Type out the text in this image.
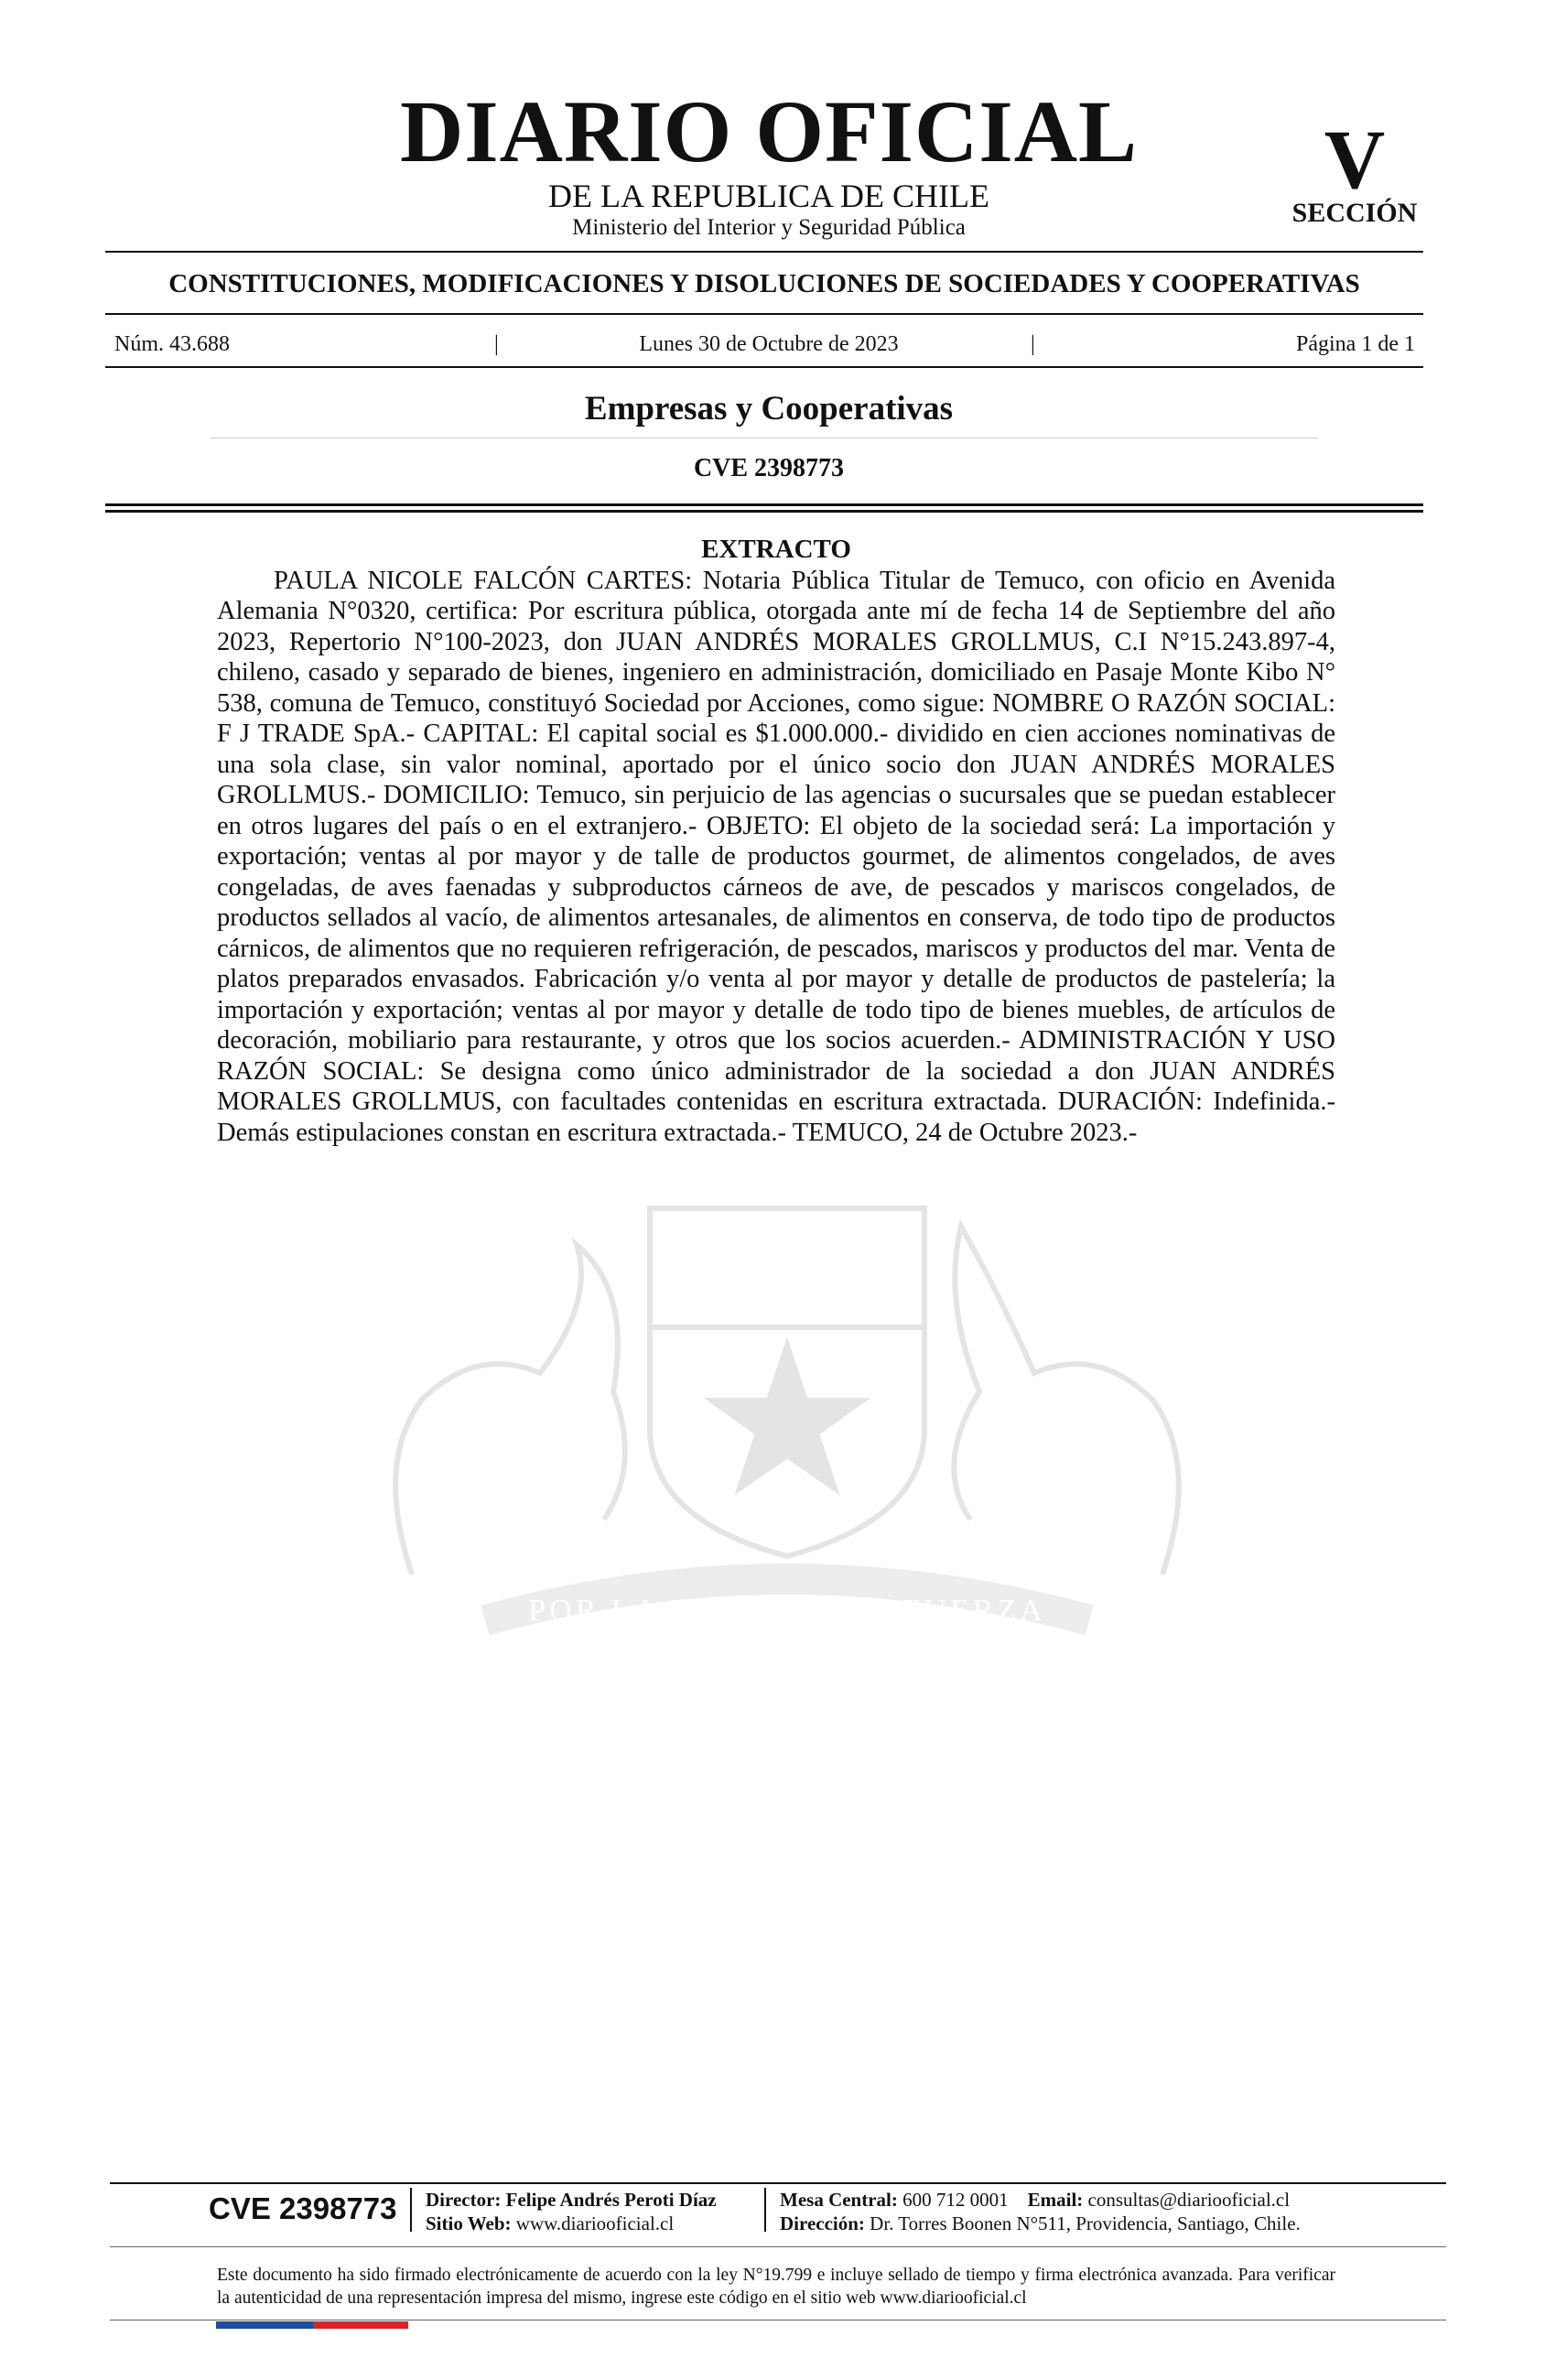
DIARIO OFICIAL
DE LA REPUBLICA DE CHILE
Ministerio del Interior y Seguridad Pública
V
SECCIÓN
CONSTITUCIONES, MODIFICACIONES Y DISOLUCIONES DE SOCIEDADES Y COOPERATIVAS
Núm. 43.688	|	Lunes 30 de Octubre de 2023	|	Página 1 de 1
Empresas y Cooperativas
CVE 2398773
POR LA RAZON O LA FUERZA
EXTRACTO

PAULA NICOLE FALCÓN CARTES: Notaria Pública Titular de Temuco, con oficio en Avenida Alemania N°0320, certifica: Por escritura pública, otorgada ante mí de fecha 14 de Septiembre del año 2023, Repertorio N°100-2023, don JUAN ANDRÉS MORALES GROLLMUS, C.I N°15.243.897-4, chileno, casado y separado de bienes, ingeniero en administración, domiciliado en Pasaje Monte Kibo N° 538, comuna de Temuco, constituyó Sociedad por Acciones, como sigue: NOMBRE O RAZÓN SOCIAL: F J TRADE SpA.- CAPITAL: El capital social es $1.000.000.- dividido en cien acciones nominativas de una sola clase, sin valor nominal, aportado por el único socio don JUAN ANDRÉS MORALES GROLLMUS.- DOMICILIO: Temuco, sin perjuicio de las agencias o sucursales que se puedan establecer en otros lugares del país o en el extranjero.- OBJETO: El objeto de la sociedad será: La importación y exportación; ventas al por mayor y de talle de productos gourmet, de alimentos congelados, de aves congeladas, de aves faenadas y subproductos cárneos de ave, de pescados y mariscos congelados, de productos sellados al vacío, de alimentos artesanales, de alimentos en conserva, de todo tipo de productos cárnicos, de alimentos que no requieren refrigeración, de pescados, mariscos y productos del mar. Venta de platos preparados envasados. Fabricación y/o venta al por mayor y detalle de productos de pastelería; la importación y exportación; ventas al por mayor y detalle de todo tipo de bienes muebles, de artículos de decoración, mobiliario para restaurante, y otros que los socios acuerden.- ADMINISTRACIÓN Y USO RAZÓN SOCIAL: Se designa como único administrador de la sociedad a don JUAN ANDRÉS MORALES GROLLMUS, con facultades contenidas en escritura extractada. DURACIÓN: Indefinida.- Demás estipulaciones constan en escritura extractada.- TEMUCO, 24 de Octubre 2023.-

CVE 2398773 Director: Felipe Andrés Peroti Díaz
Sitio Web: www.diariooficial.cl
Mesa Central: 600 712 0001 Email: consultas@diariooficial.cl
Dirección: Dr. Torres Boonen N°511, Providencia, Santiago, Chile.
Este documento ha sido firmado electrónicamente de acuerdo con la ley N°19.799 e incluye sellado de tiempo y firma electrónica avanzada. Para verificar la autenticidad de una representación impresa del mismo, ingrese este código en el sitio web www.diariooficial.cl
